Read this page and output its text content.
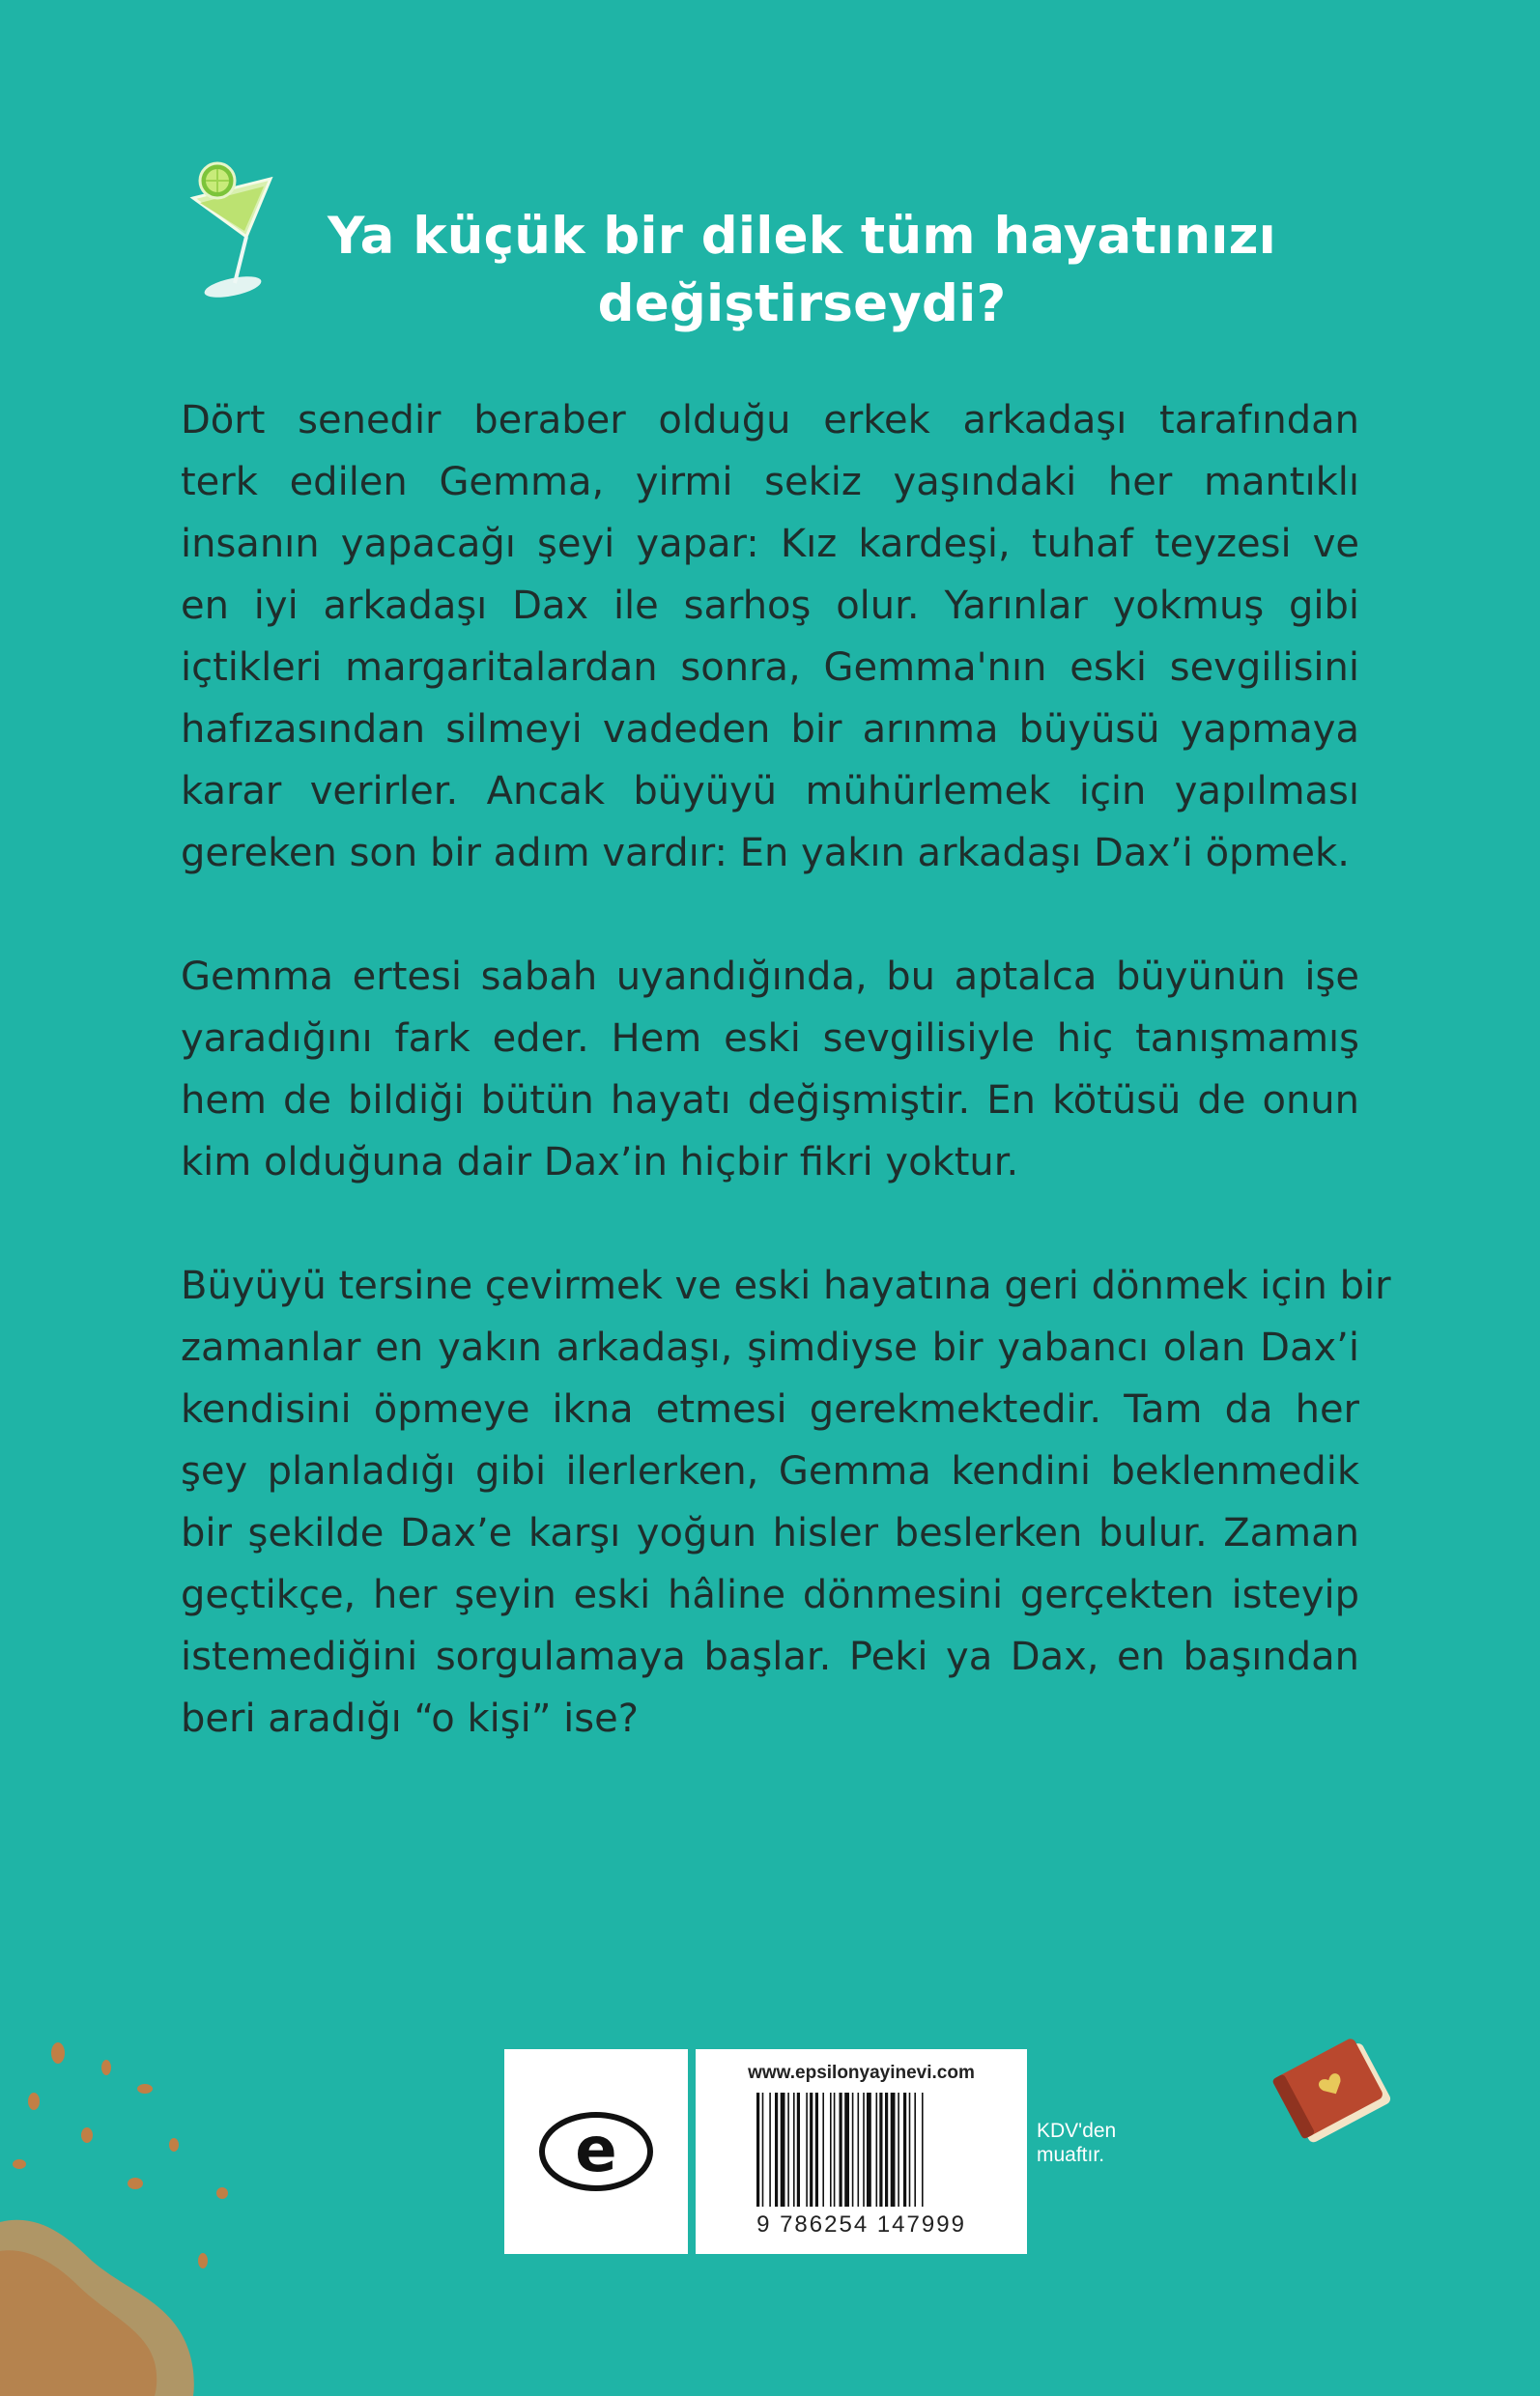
Ya küçük bir dilek tüm hayatınızı
değiştirseydi?

Dört senedir beraber olduğu erkek arkadaşı tarafından
terk edilen Gemma, yirmi sekiz yaşındaki her mantıklı
insanın yapacağı şeyi yapar: Kız kardeşi, tuhaf teyzesi ve
en iyi arkadaşı Dax ile sarhoş olur. Yarınlar yokmuş gibi
içtikleri margaritalardan sonra, Gemma'nın eski sevgilisini
hafızasından silmeyi vadeden bir arınma büyüsü yapmaya
karar verirler. Ancak büyüyü mühürlemek için yapılması
gereken son bir adım vardır: En yakın arkadaşı Dax’i öpmek.

Gemma ertesi sabah uyandığında, bu aptalca büyünün işe
yaradığını fark eder. Hem eski sevgilisiyle hiç tanışmamış
hem de bildiği bütün hayatı değişmiştir. En kötüsü de onun
kim olduğuna dair Dax’in hiçbir fikri yoktur.

Büyüyü tersine çevirmek ve eski hayatına geri dönmek için bir
zamanlar en yakın arkadaşı, şimdiyse bir yabancı olan Dax’i
kendisini öpmeye ikna etmesi gerekmektedir. Tam da her
şey planladığı gibi ilerlerken, Gemma kendini beklenmedik
bir şekilde Dax’e karşı yoğun hisler beslerken bulur. Zaman
geçtikçe, her şeyin eski hâline dönmesini gerçekten isteyip
istemediğini sorgulamaya başlar. Peki ya Dax, en başından
beri aradığı “o kişi” ise?

e
www.epsilonyayinevi.com
9 786254 147999
KDV'den
muaftır.
